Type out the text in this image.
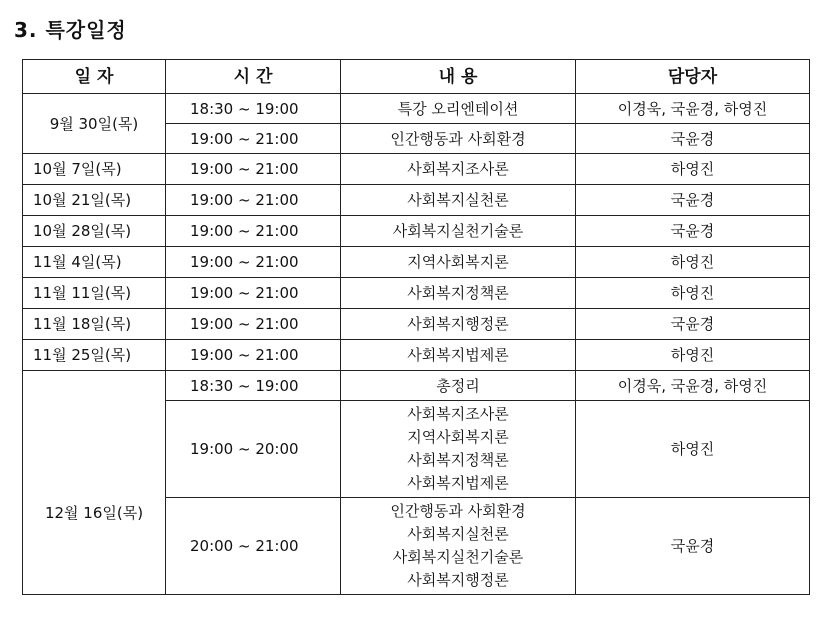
3. 특강일정
일 자	시 간	내 용	담당자
9월 30일(목)	18:30 ~ 19:00	특강 오리엔테이션	이경욱, 국윤경, 하영진
	19:00 ~ 21:00	인간행동과 사회환경	국윤경
10월 7일(목)	19:00 ~ 21:00	사회복지조사론	하영진
10월 21일(목)	19:00 ~ 21:00	사회복지실천론	국윤경
10월 28일(목)	19:00 ~ 21:00	사회복지실천기술론	국윤경
11월 4일(목)	19:00 ~ 21:00	지역사회복지론	하영진
11월 11일(목)	19:00 ~ 21:00	사회복지정책론	하영진
11월 18일(목)	19:00 ~ 21:00	사회복지행정론	국윤경
11월 25일(목)	19:00 ~ 21:00	사회복지법제론	하영진
12월 16일(목)	18:30 ~ 19:00	총정리	이경욱, 국윤경, 하영진
	19:00 ~ 20:00	사회복지조사론
지역사회복지론
사회복지정책론
사회복지법제론	하영진
	20:00 ~ 21:00	인간행동과 사회환경
사회복지실천론
사회복지실천기술론
사회복지행정론	국윤경
